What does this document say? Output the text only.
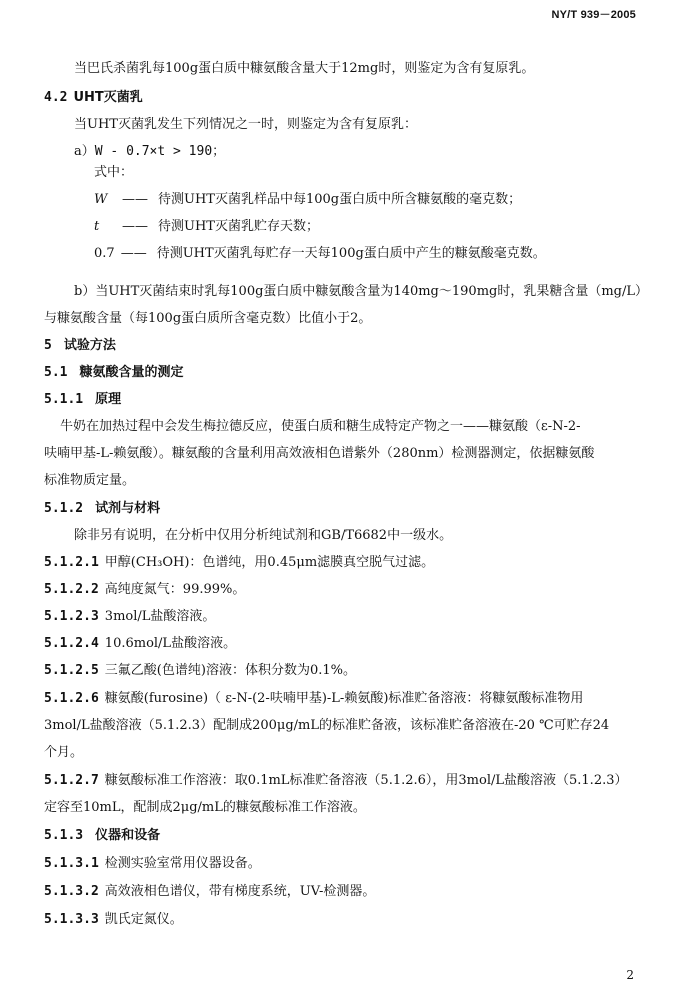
NY/T 939－2005
当巴氏杀菌乳每100g蛋白质中糠氨酸含量大于12mg时，则鉴定为含有复原乳。
4.2 UHT灭菌乳
当UHT灭菌乳发生下列情况之一时，则鉴定为含有复原乳：
a）W - 0.7×t > 190；
式中：
W —— 待测UHT灭菌乳样品中每100g蛋白质中所含糠氨酸的毫克数；
t —— 待测UHT灭菌乳贮存天数；
0.7 —— 待测UHT灭菌乳每贮存一天每100g蛋白质中产生的糠氨酸毫克数。
b）当UHT灭菌结束时乳每100g蛋白质中糠氨酸含量为140mg～190mg时，乳果糖含量（mg/L）
与糠氨酸含量（每100g蛋白质所含毫克数）比值小于2。
5 试验方法
5.1 糠氨酸含量的测定
5.1.1 原理
牛奶在加热过程中会发生梅拉德反应，使蛋白质和糖生成特定产物之一——糠氨酸（ε-N-2-
呋喃甲基-L-赖氨酸）。糠氨酸的含量利用高效液相色谱紫外（280nm）检测器测定，依据糠氨酸
标准物质定量。
5.1.2 试剂与材料
除非另有说明，在分析中仅用分析纯试剂和GB/T6682中一级水。
5.1.2.1 甲醇(CH₃OH)：色谱纯，用0.45μm滤膜真空脱气过滤。
5.1.2.2 高纯度氮气：99.99%。
5.1.2.3 3mol/L盐酸溶液。
5.1.2.4 10.6mol/L盐酸溶液。
5.1.2.5 三氟乙酸(色谱纯)溶液：体积分数为0.1%。
5.1.2.6 糠氨酸(furosine)（ ε-N-(2-呋喃甲基)-L-赖氨酸)标准贮备溶液：将糠氨酸标准物用
3mol/L盐酸溶液（5.1.2.3）配制成200μg/mL的标准贮备液，该标准贮备溶液在-20 ℃可贮存24
个月。
5.1.2.7 糠氨酸标准工作溶液：取0.1mL标准贮备溶液（5.1.2.6），用3mol/L盐酸溶液（5.1.2.3）
定容至10mL，配制成2μg/mL的糠氨酸标准工作溶液。
5.1.3 仪器和设备
5.1.3.1 检测实验室常用仪器设备。
5.1.3.2 高效液相色谱仪，带有梯度系统，UV-检测器。
5.1.3.3 凯氏定氮仪。
2
